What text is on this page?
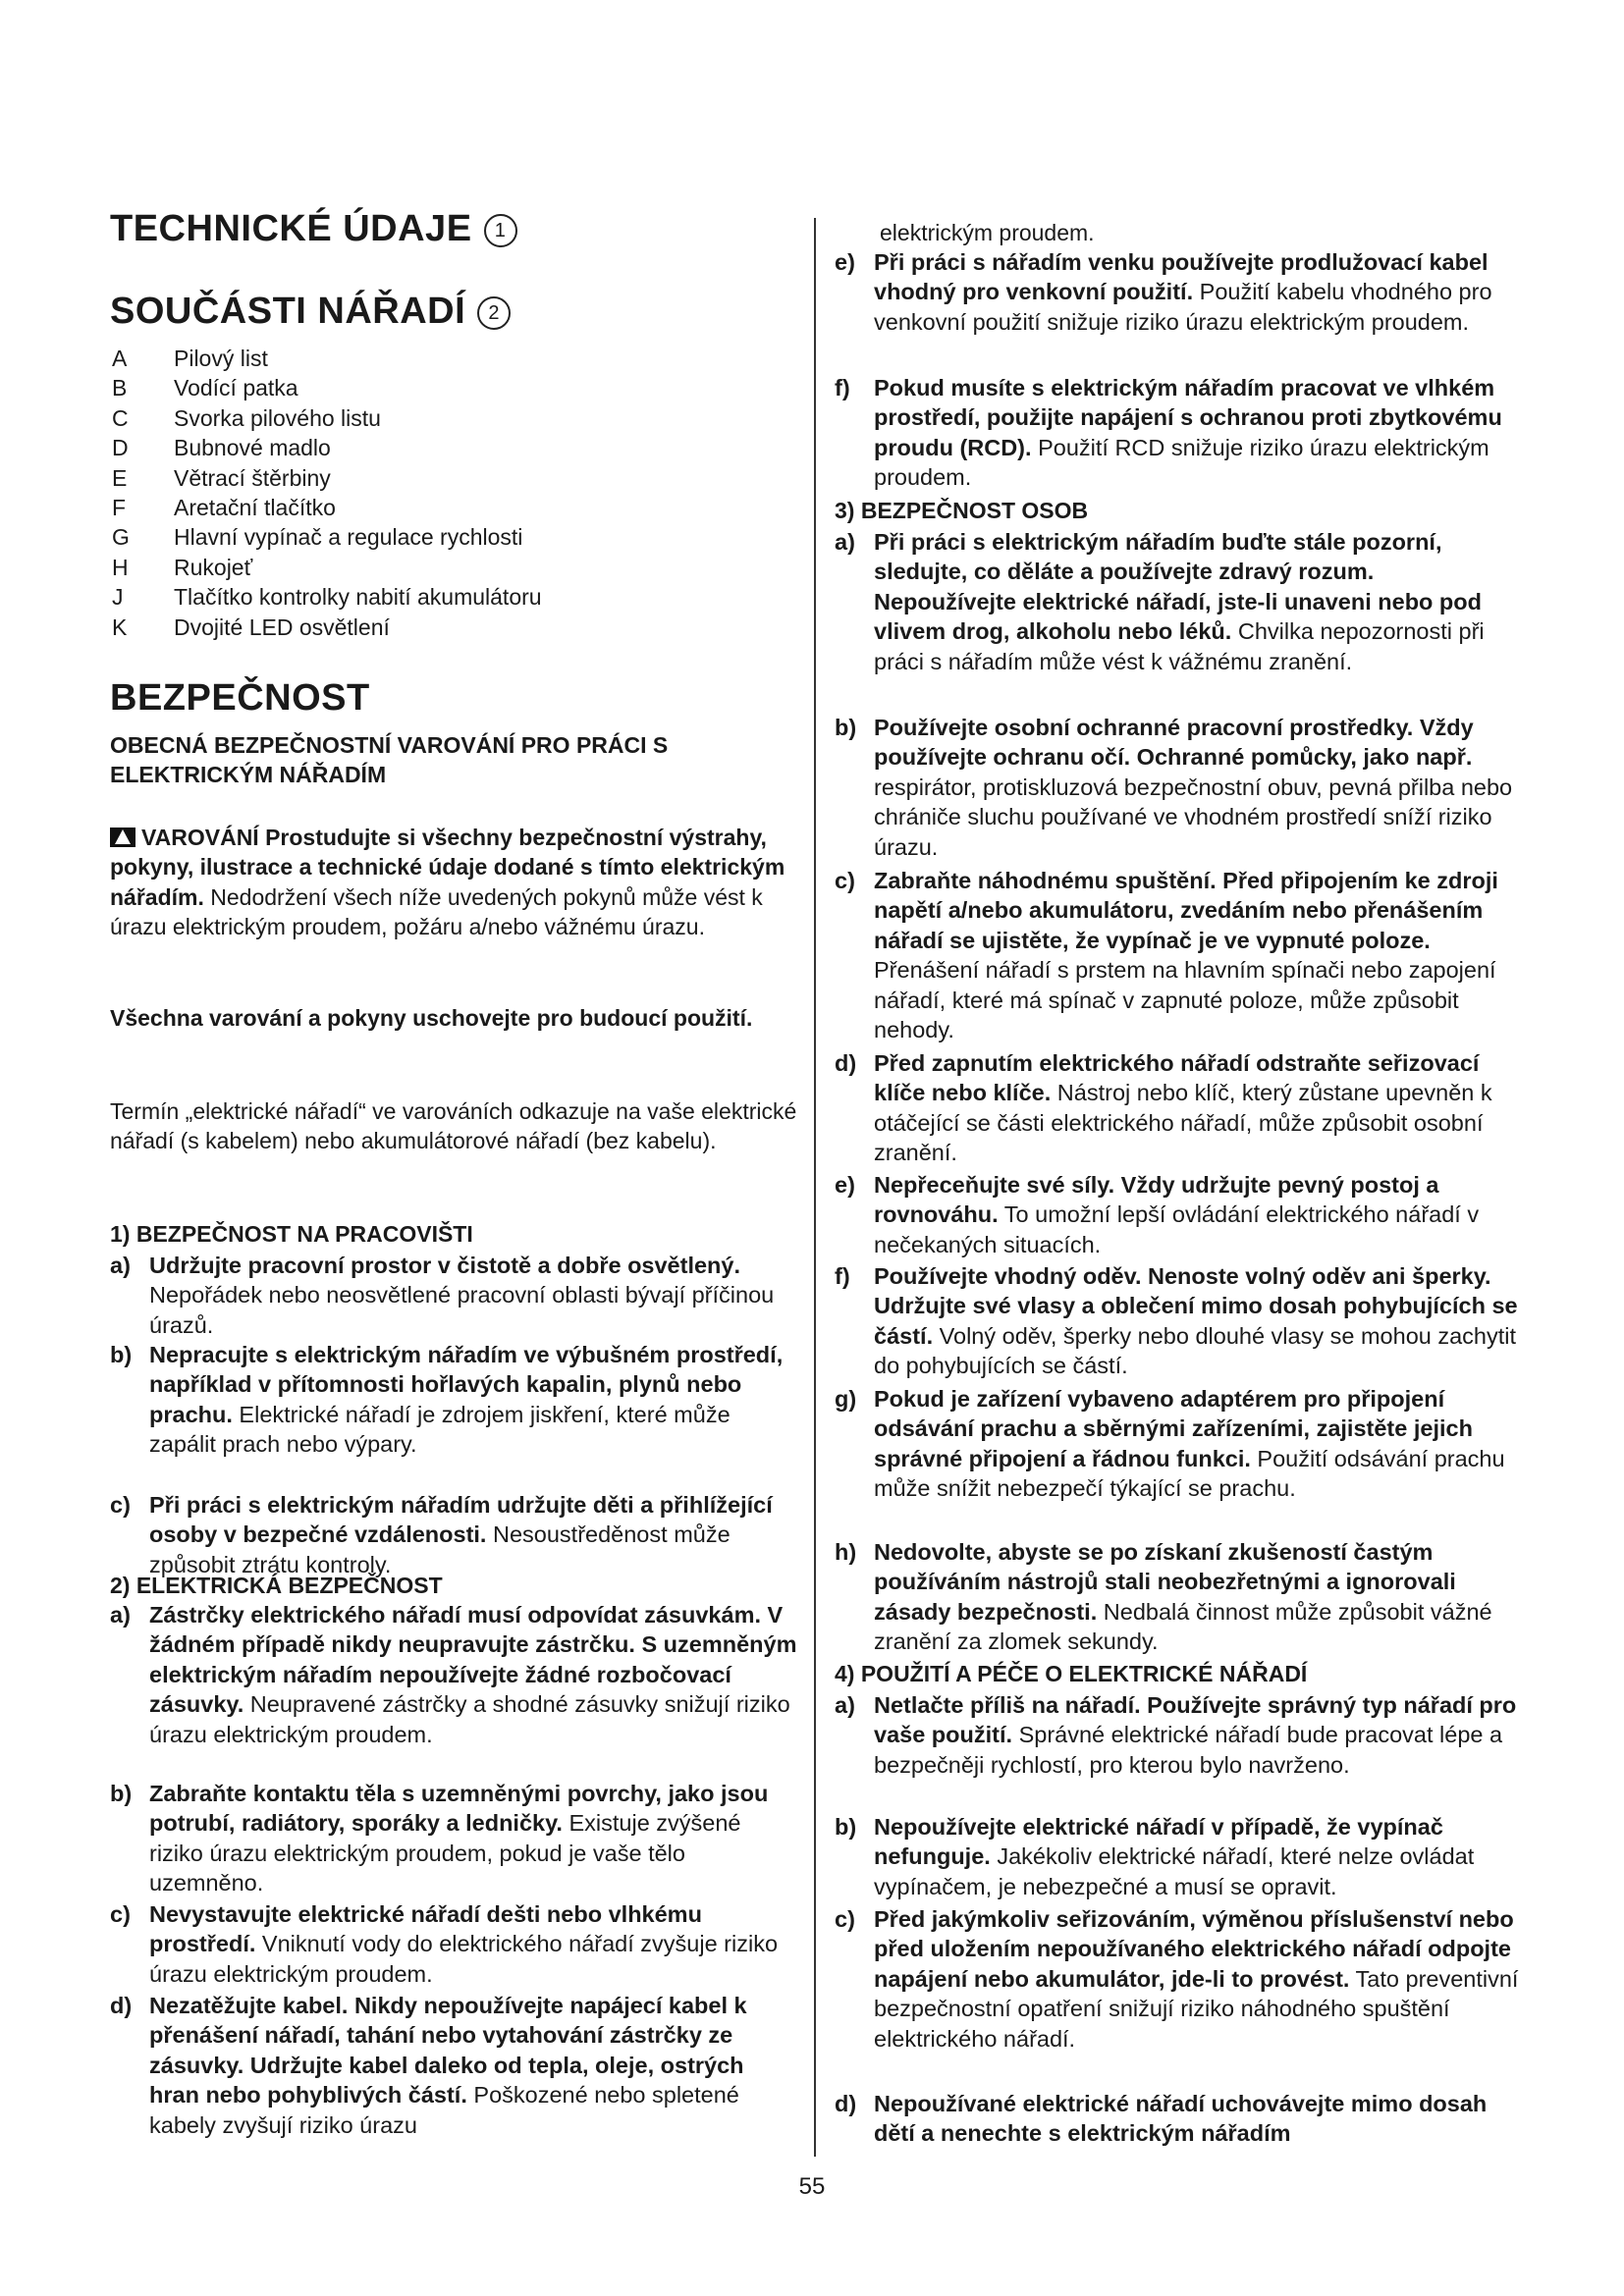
TECHNICKÉ ÚDAJE 1
SOUČÁSTI NÁŘADÍ 2
A	Pilový list
B	Vodící patka
C	Svorka pilového listu
D	Bubnové madlo
E	Větrací štěrbiny
F	Aretační tlačítko
G	Hlavní vypínač a regulace rychlosti
H	Rukojeť
J	Tlačítko kontrolky nabití akumulátoru
K	Dvojité LED osvětlení
BEZPEČNOST
OBECNÁ BEZPEČNOSTNÍ VAROVÁNÍ PRO PRÁCI S ELEKTRICKÝM NÁŘADÍM
VAROVÁNÍ Prostudujte si všechny bezpečnostní výstrahy, pokyny, ilustrace a technické údaje dodané s tímto elektrickým nářadím. Nedodržení všech níže uvedených pokynů může vést k úrazu elektrickým proudem, požáru a/nebo vážnému úrazu.
Všechna varování a pokyny uschovejte pro budoucí použití.
Termín „elektrické nářadí“ ve varováních odkazuje na vaše elektrické nářadí (s kabelem) nebo akumulátorové nářadí (bez kabelu).
1) BEZPEČNOST NA PRACOVIŠTI
a) Udržujte pracovní prostor v čistotě a dobře osvětlený. Nepořádek nebo neosvětlené pracovní oblasti bývají příčinou úrazů.
b) Nepracujte s elektrickým nářadím ve výbušném prostředí, například v přítomnosti hořlavých kapalin, plynů nebo prachu. Elektrické nářadí je zdrojem jiskření, které může zapálit prach nebo výpary.
c) Při práci s elektrickým nářadím udržujte děti a přihlížející osoby v bezpečné vzdálenosti. Nesoustředěnost může způsobit ztrátu kontroly.
2) ELEKTRICKÁ BEZPEČNOST
a) Zástrčky elektrického nářadí musí odpovídat zásuvkám. V žádném případě nikdy neupravujte zástrčku. S uzemněným elektrickým nářadím nepoužívejte žádné rozbočovací zásuvky. Neupravené zástrčky a shodné zásuvky snižují riziko úrazu elektrickým proudem.
b) Zabraňte kontaktu těla s uzemněnými povrchy, jako jsou potrubí, radiátory, sporáky a ledničky. Existuje zvýšené riziko úrazu elektrickým proudem, pokud je vaše tělo uzemněno.
c) Nevystavujte elektrické nářadí dešti nebo vlhkému prostředí. Vniknutí vody do elektrického nářadí zvyšuje riziko úrazu elektrickým proudem.
d) Nezatěžujte kabel. Nikdy nepoužívejte napájecí kabel k přenášení nářadí, tahání nebo vytahování zástrčky ze zásuvky. Udržujte kabel daleko od tepla, oleje, ostrých hran nebo pohyblivých částí. Poškozené nebo spletené kabely zvyšují riziko úrazu
elektrickým proudem.
e) Při práci s nářadím venku používejte prodlužovací kabel vhodný pro venkovní použití. Použití kabelu vhodného pro venkovní použití snižuje riziko úrazu elektrickým proudem.
f)	Pokud musíte s elektrickým nářadím pracovat ve vlhkém prostředí, použijte napájení s ochranou proti zbytkovému proudu (RCD). Použití RCD snižuje riziko úrazu elektrickým proudem.
3) BEZPEČNOST OSOB
a) Při práci s elektrickým nářadím buďte stále pozorní, sledujte, co děláte a používejte zdravý rozum. Nepoužívejte elektrické nářadí, jste-li unaveni nebo pod vlivem drog, alkoholu nebo léků. Chvilka nepozornosti při práci s nářadím může vést k vážnému zranění.
b) Používejte osobní ochranné pracovní prostředky. Vždy používejte ochranu očí. Ochranné pomůcky, jako např. respirátor, protiskluzová bezpečnostní obuv, pevná přilba nebo chrániče sluchu používané ve vhodném prostředí sníží riziko úrazu.
c) Zabraňte náhodnému spuštění. Před připojením ke zdroji napětí a/nebo akumulátoru, zvedáním nebo přenášením nářadí se ujistěte, že vypínač je ve vypnuté poloze. Přenášení nářadí s prstem na hlavním spínači nebo zapojení nářadí, které má spínač v zapnuté poloze, může způsobit nehody.
d) Před zapnutím elektrického nářadí odstraňte seřizovací klíče nebo klíče. Nástroj nebo klíč, který zůstane upevněn k otáčející se části elektrického nářadí, může způsobit osobní zranění.
e) Nepřeceňujte své síly. Vždy udržujte pevný postoj a rovnováhu. To umožní lepší ovládání elektrického nářadí v nečekaných situacích.
f)	Používejte vhodný oděv. Nenoste volný oděv ani šperky. Udržujte své vlasy a oblečení mimo dosah pohybujících se částí. Volný oděv, šperky nebo dlouhé vlasy se mohou zachytit do pohybujících se částí.
g) Pokud je zařízení vybaveno adaptérem pro připojení odsávání prachu a sběrnými zařízeními, zajistěte jejich správné připojení a řádnou funkci. Použití odsávání prachu může snížit nebezpečí týkající se prachu.
h) Nedovolte, abyste se po získaní zkušeností častým používáním nástrojů stali neobezřetnými a ignorovali zásady bezpečnosti. Nedbalá činnost může způsobit vážné zranění za zlomek sekundy.
4) POUŽITÍ A PÉČE O ELEKTRICKÉ NÁŘADÍ
a) Netlačte příliš na nářadí. Používejte správný typ nářadí pro vaše použití. Správné elektrické nářadí bude pracovat lépe a bezpečněji rychlostí, pro kterou bylo navrženo.
b) Nepoužívejte elektrické nářadí v případě, že vypínač nefunguje. Jakékoliv elektrické nářadí, které nelze ovládat vypínačem, je nebezpečné a musí se opravit.
c) Před jakýmkoliv seřizováním, výměnou příslušenství nebo před uložením nepoužívaného elektrického nářadí odpojte napájení nebo akumulátor, jde-li to provést. Tato preventivní bezpečnostní opatření snižují riziko náhodného spuštění elektrického nářadí.
d) Nepoužívané elektrické nářadí uchovávejte mimo dosah dětí a nenechte s elektrickým nářadím
55
